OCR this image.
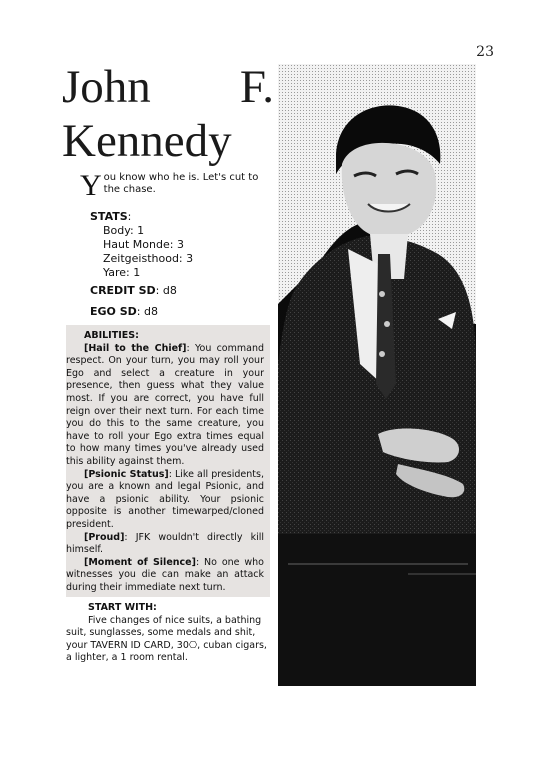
23
John F.
Kennedy
Y ou know who he is. Let's cut to the chase.
STATS:
Body: 1
Haut Monde: 3
Zeitgeisthood: 3
Yare: 1
CREDIT SD: d8
EGO SD: d8
ABILITIES:

[Hail to the Chief]: You command respect. On your turn, you may roll your Ego and select a creature in your presence, then guess what they value most. If you are correct, you have full reign over their next turn. For each time you do this to the same creature, you have to roll your Ego extra times equal to how many times you've already used this ability against them.

[Psionic Status]: Like all presidents, you are a known and legal Psionic, and have a psionic ability. Your psionic opposite is another timewarped/cloned president.

[Proud]: JFK wouldn't directly kill himself.

[Moment of Silence]: No one who witnesses you die can make an attack during their immediate next turn.

START WITH:

Five changes of nice suits, a bathing suit, sunglasses, some medals and shit, your TAVERN ID CARD, 30⎔, cuban cigars, a lighter, a 1 room rental.
